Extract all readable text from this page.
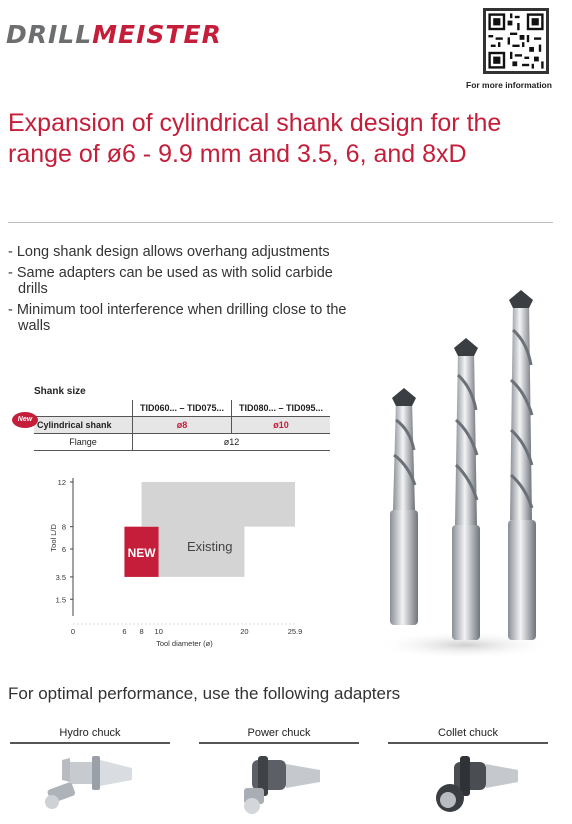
DRILLMEISTER
For more information
Expansion of cylindrical shank design for the range of ø6 - 9.9 mm and 3.5, 6, and 8xD
- Long shank design allows overhang adjustments
- Same adapters can be used as with solid carbide drills
- Minimum tool interference when drilling close to the walls
Shank size
	TID060... – TID075...	TID080... – TID095...
Cylindrical shank	ø8	ø10
Flange	ø12	
New
NEW Existing
1.5
3.5
6
8
12
0	6 8 10	20	25.9
Tool diameter (ø)
Tool L/D
For optimal performance, use the following adapters
Hydro chuck	Power chuck	Collet chuck
